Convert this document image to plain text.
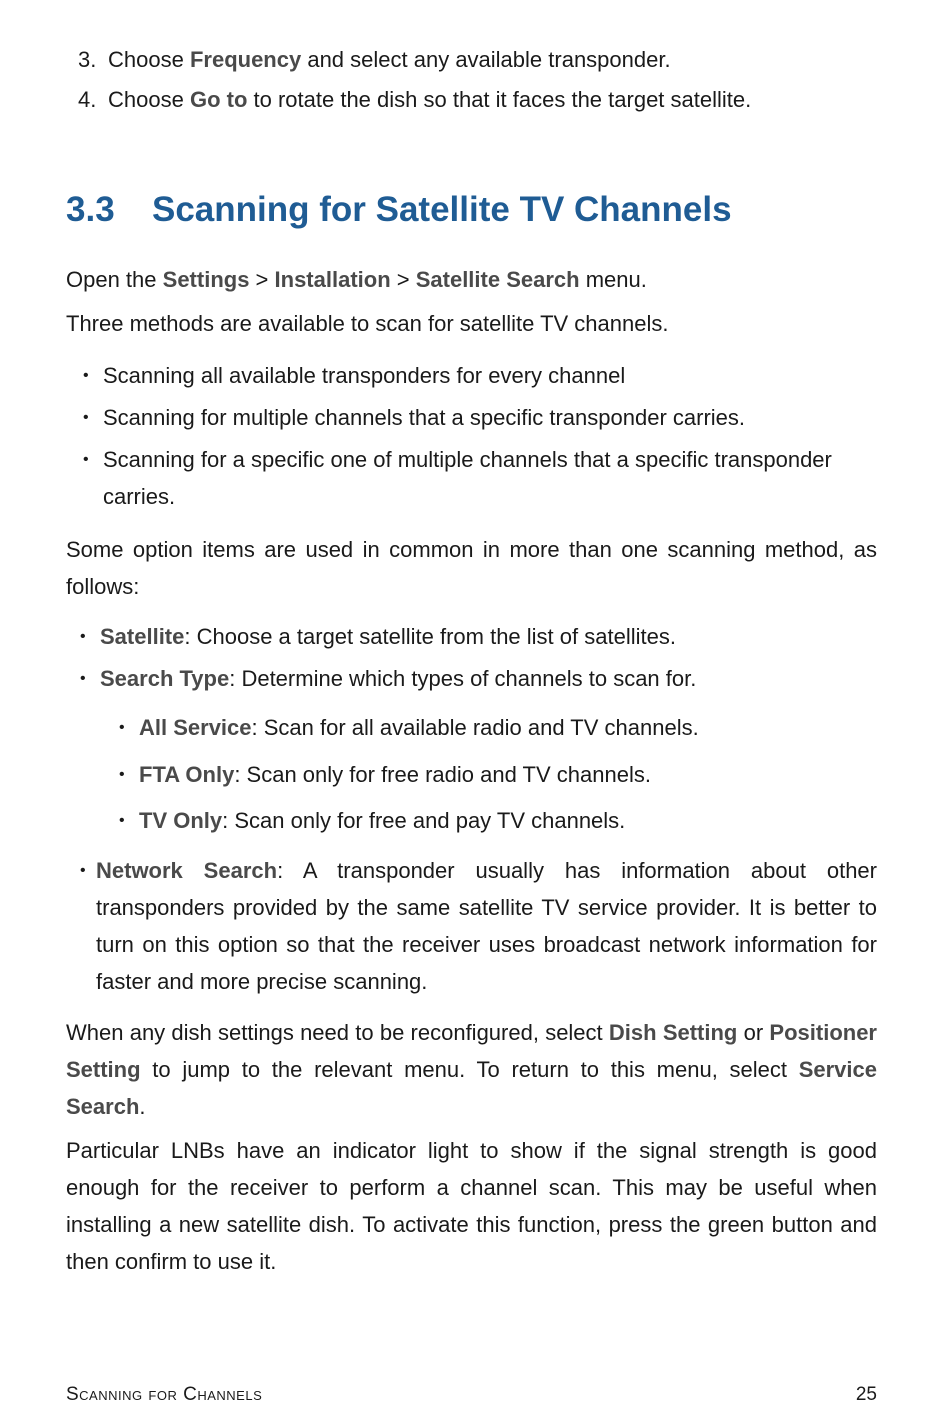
3. Choose Frequency and select any available transponder.
4. Choose Go to to rotate the dish so that it faces the target satellite.
3.3 Scanning for Satellite TV Channels

Open the Settings > Installation > Satellite Search menu.

Three methods are available to scan for satellite TV channels.

• Scanning all available transponders for every channel
• Scanning for multiple channels that a specific transponder carries.
• Scanning for a specific one of multiple channels that a specific transponder carries.

Some option items are used in common in more than one scanning method, as follows:

• Satellite: Choose a target satellite from the list of satellites.
• Search Type: Determine which types of channels to scan for.
• All Service: Scan for all available radio and TV channels.
• FTA Only: Scan only for free radio and TV channels.
• TV Only: Scan only for free and pay TV channels.
• Network Search: A transponder usually has information about other transponders provided by the same satellite TV service provider. It is better to turn on this option so that the receiver uses broadcast network information for faster and more precise scanning.

When any dish settings need to be reconfigured, select Dish Setting or Positioner Setting to jump to the relevant menu. To return to this menu, select Service Search.

Particular LNBs have an indicator light to show if the signal strength is good enough for the receiver to perform a channel scan. This may be useful when installing a new satellite dish. To activate this function, press the green button and then confirm to use it.

Scanning for Channels	25
